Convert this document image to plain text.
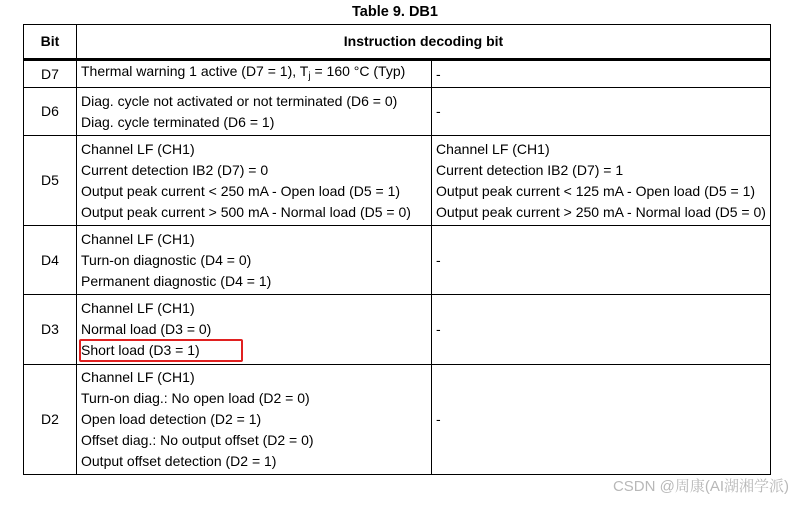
Table 9. DB1
Bit	Instruction decoding bit	
D7	Thermal warning 1 active (D7 = 1), $T_j = 160$ °C (Typ)	-

D6	Diag. cycle not activated or not terminated (D6 = 0)
Diag. cycle terminated (D6 = 1)	-

D5	Channel LF (CH1)
Current detection IB2 (D7) = 0
Output peak current < 250 mA - Open load (D5 = 1)
Output peak current > 500 mA - Normal load (D5 = 0)	Channel LF (CH1)
Current detection IB2 (D7) = 1
Output peak current < 125 mA - Open load (D5 = 1)
Output peak current > 250 mA - Normal load (D5 = 0)

D4	Channel LF (CH1)
Turn-on diagnostic (D4 = 0)
Permanent diagnostic (D4 = 1)	-

D3	Channel LF (CH1)
Normal load (D3 = 0)
Short load (D3 = 1)	-

D2	Channel LF (CH1)
Turn-on diag.: No open load (D2 = 0)
Open load detection (D2 = 1)
Offset diag.: No output offset (D2 = 0)
Output offset detection (D2 = 1)	-
CSDN @周康(AI湖湘学派)
